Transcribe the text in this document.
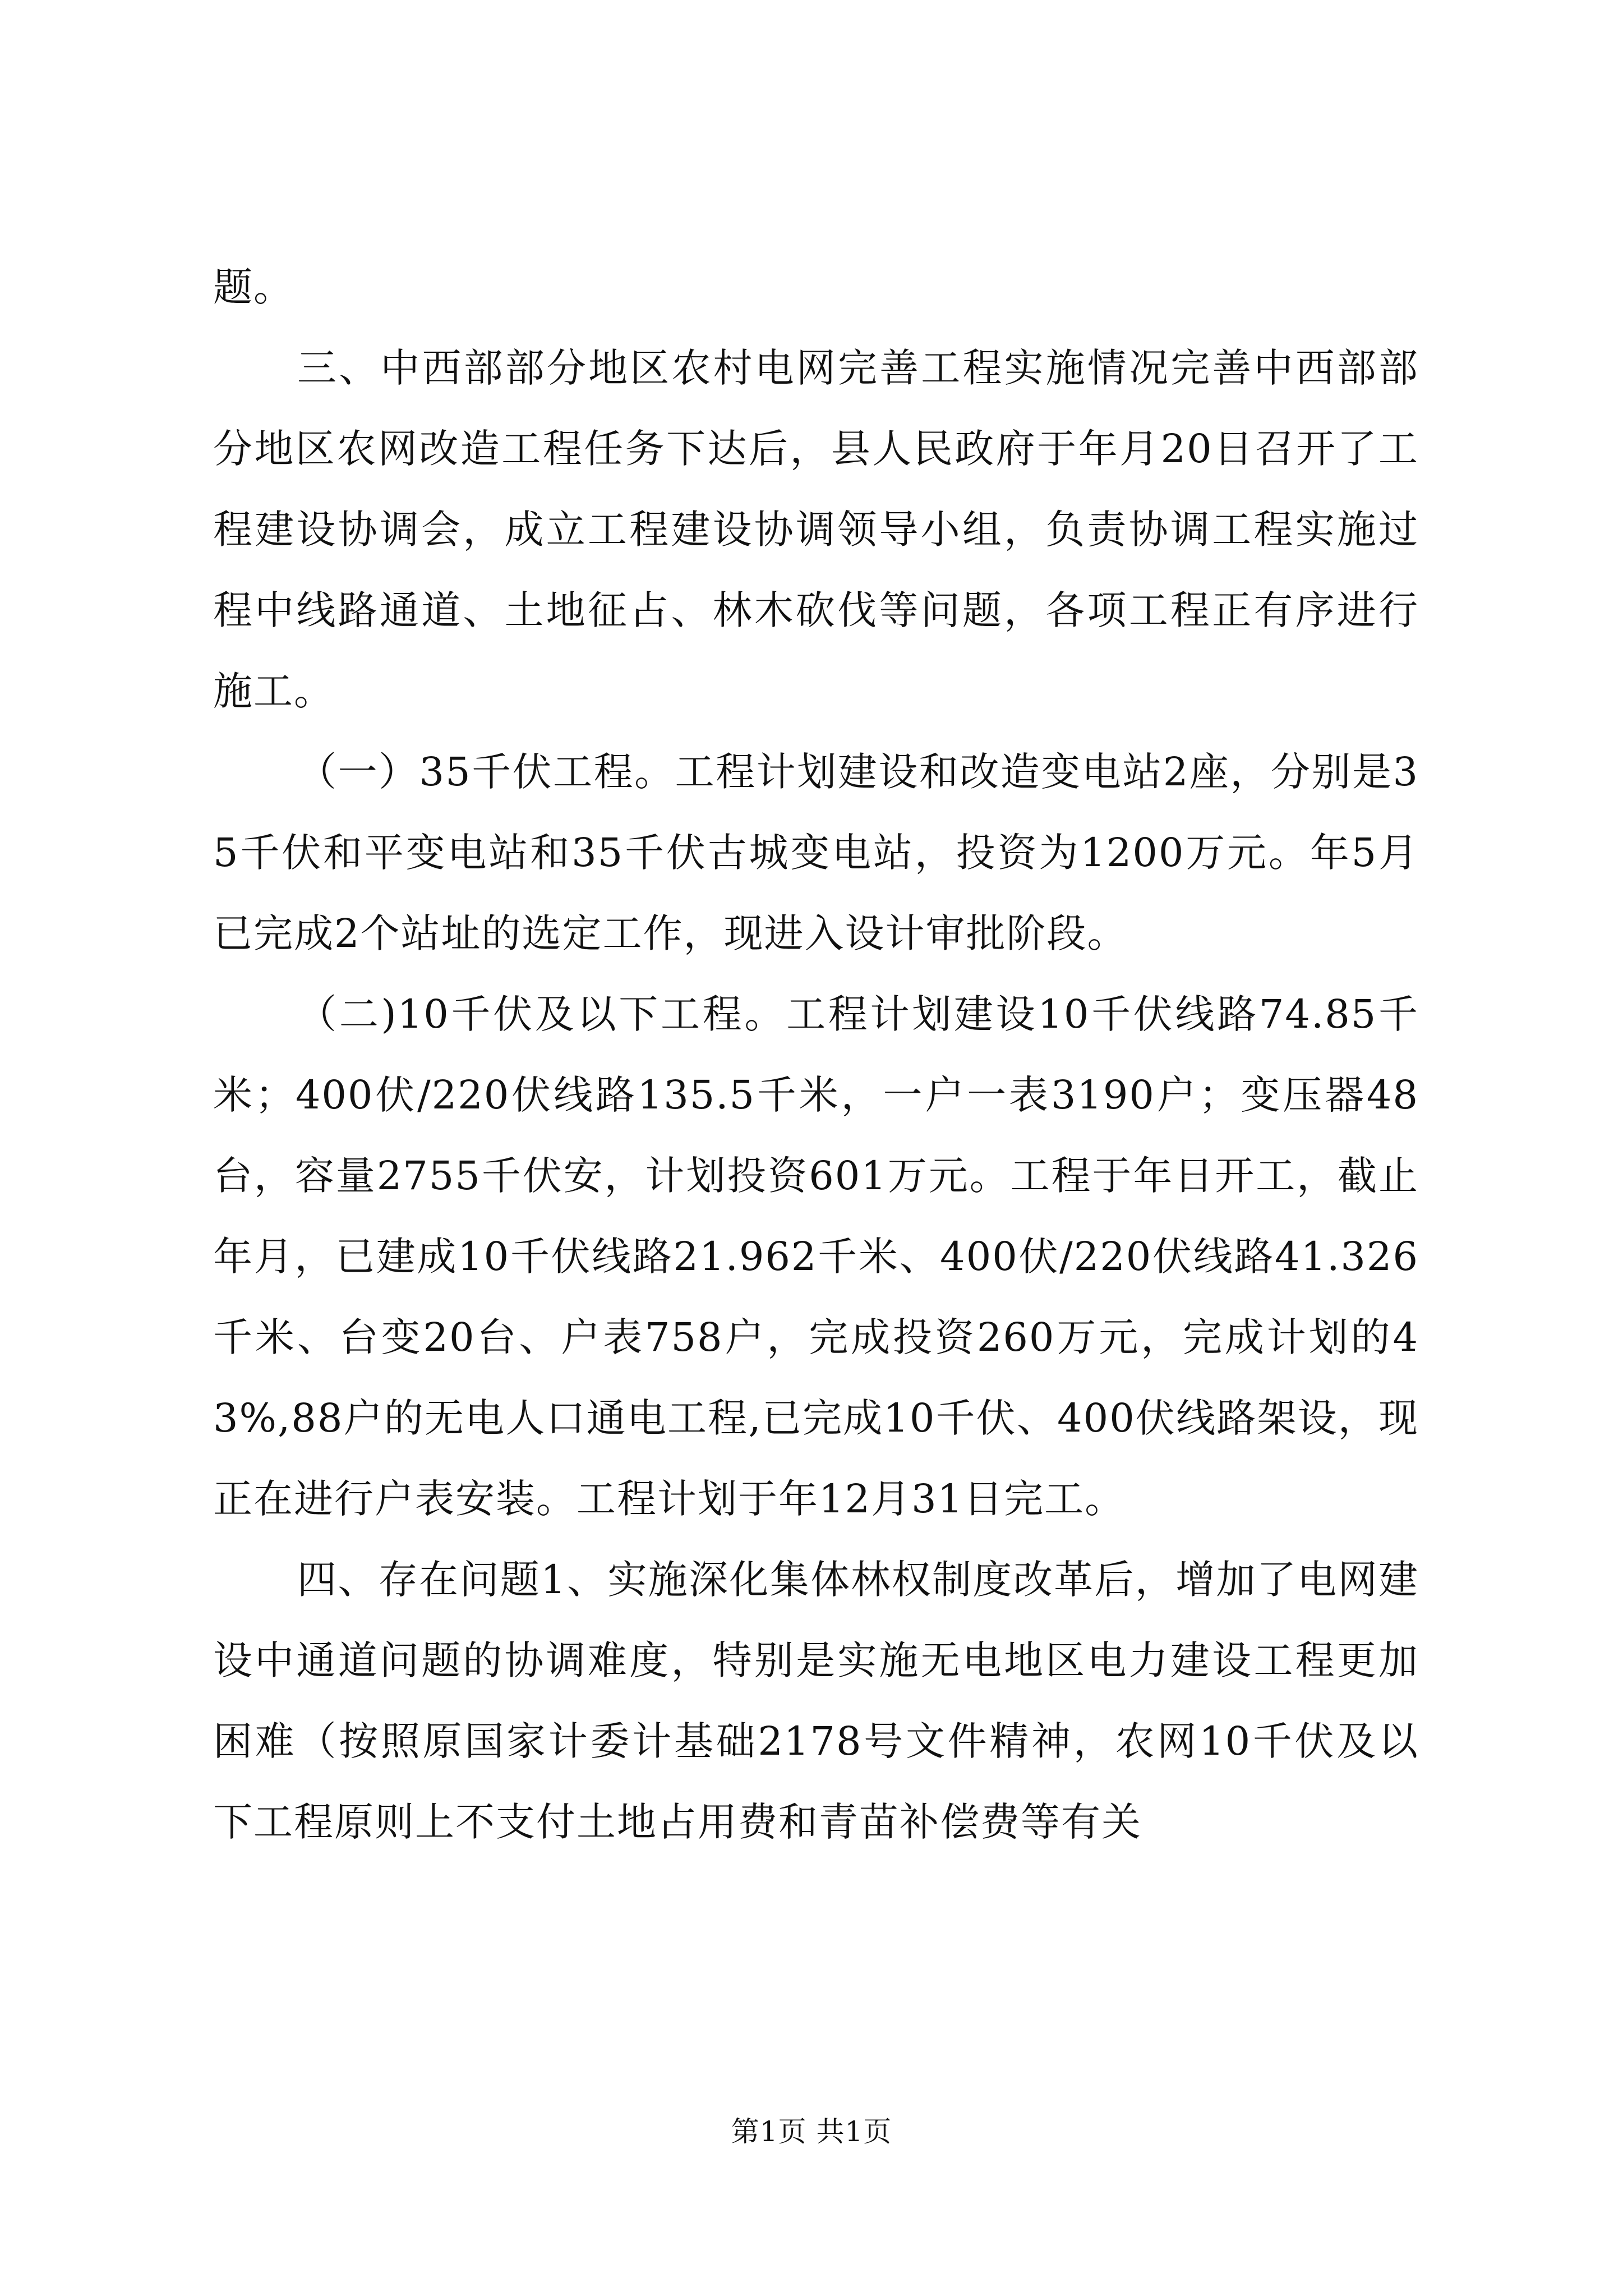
题。

三、中西部部分地区农村电网完善工程实施情况完善中西部部分地区农网改造工程任务下达后，县人民政府于年月20日召开了工程建设协调会，成立工程建设协调领导小组，负责协调工程实施过程中线路通道、土地征占、林木砍伐等问题，各项工程正有序进行施工。

（一）35千伏工程。工程计划建设和改造变电站2座，分别是35千伏和平变电站和35千伏古城变电站，投资为1200万元。年5月已完成2个站址的选定工作，现进入设计审批阶段。

（二)10千伏及以下工程。工程计划建设10千伏线路74.85千米；400伏/220伏线路135.5千米，一户一表3190户；变压器48台，容量2755千伏安，计划投资601万元。工程于年日开工，截止年月，已建成10千伏线路21.962千米、400伏/220伏线路41.326千米、台变20台、户表758户，完成投资260万元，完成计划的43%,88户的无电人口通电工程,已完成10千伏、400伏线路架设，现正在进行户表安装。工程计划于年12月31日完工。

四、存在问题1、实施深化集体林权制度改革后，增加了电网建设中通道问题的协调难度，特别是实施无电地区电力建设工程更加困难（按照原国家计委计基础2178号文件精神，农网10千伏及以下工程原则上不支付土地占用费和青苗补偿费等有关

第1页 共1页
